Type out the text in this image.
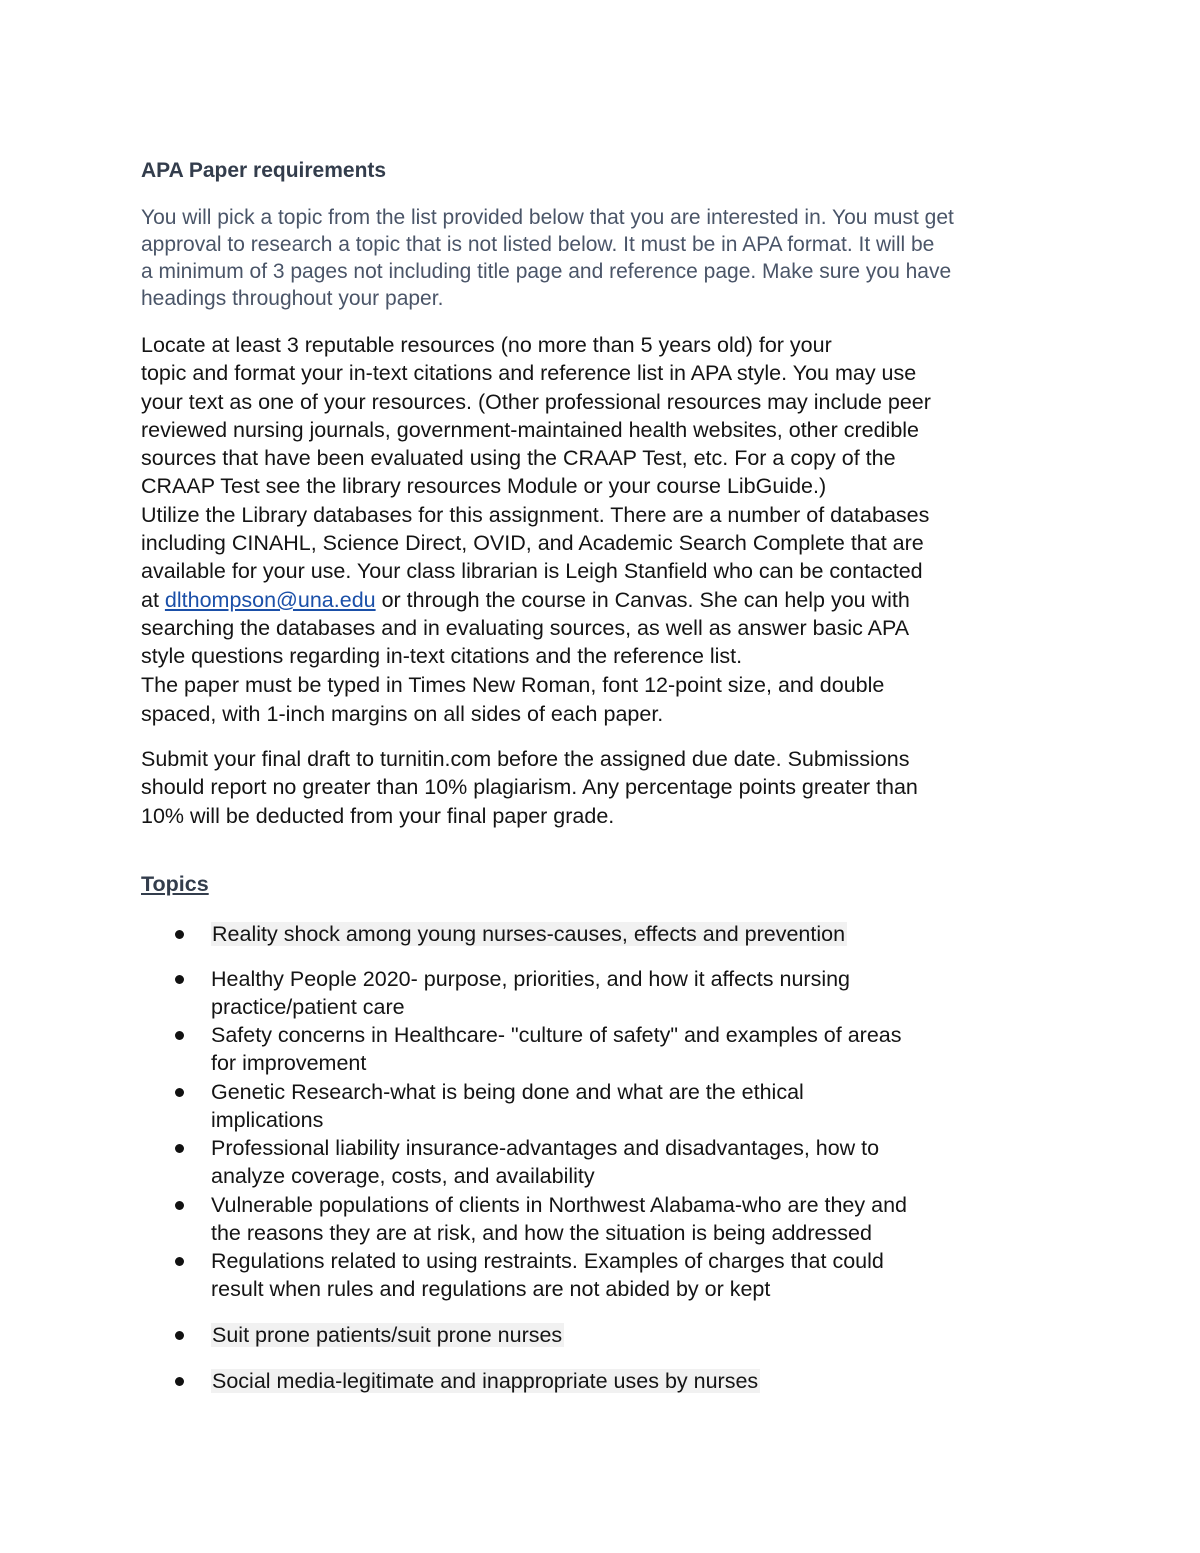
APA Paper requirements
You will pick a topic from the list provided below that you are interested in. You must get
approval to research a topic that is not listed below. It must be in APA format. It will be
a minimum of 3 pages not including title page and reference page. Make sure you have
headings throughout your paper.
Locate at least 3 reputable resources (no more than 5 years old) for your
topic and format your in-text citations and reference list in APA style. You may use
your text as one of your resources. (Other professional resources may include peer
reviewed nursing journals, government-maintained health websites, other credible
sources that have been evaluated using the CRAAP Test, etc. For a copy of the
CRAAP Test see the library resources Module or your course LibGuide.)
Utilize the Library databases for this assignment. There are a number of databases
including CINAHL, Science Direct, OVID, and Academic Search Complete that are
available for your use. Your class librarian is Leigh Stanfield who can be contacted
at dlthompson@una.edu or through the course in Canvas. She can help you with
searching the databases and in evaluating sources, as well as answer basic APA
style questions regarding in-text citations and the reference list.
The paper must be typed in Times New Roman, font 12-point size, and double
spaced, with 1-inch margins on all sides of each paper.
Submit your final draft to turnitin.com before the assigned due date. Submissions
should report no greater than 10% plagiarism. Any percentage points greater than
10% will be deducted from your final paper grade.
Topics
Reality shock among young nurses-causes, effects and prevention
Healthy People 2020- purpose, priorities, and how it affects nursing
practice/patient care
Safety concerns in Healthcare- "culture of safety" and examples of areas
for improvement
Genetic Research-what is being done and what are the ethical
implications
Professional liability insurance-advantages and disadvantages, how to
analyze coverage, costs, and availability
Vulnerable populations of clients in Northwest Alabama-who are they and
the reasons they are at risk, and how the situation is being addressed
Regulations related to using restraints. Examples of charges that could
result when rules and regulations are not abided by or kept
Suit prone patients/suit prone nurses
Social media-legitimate and inappropriate uses by nurses
